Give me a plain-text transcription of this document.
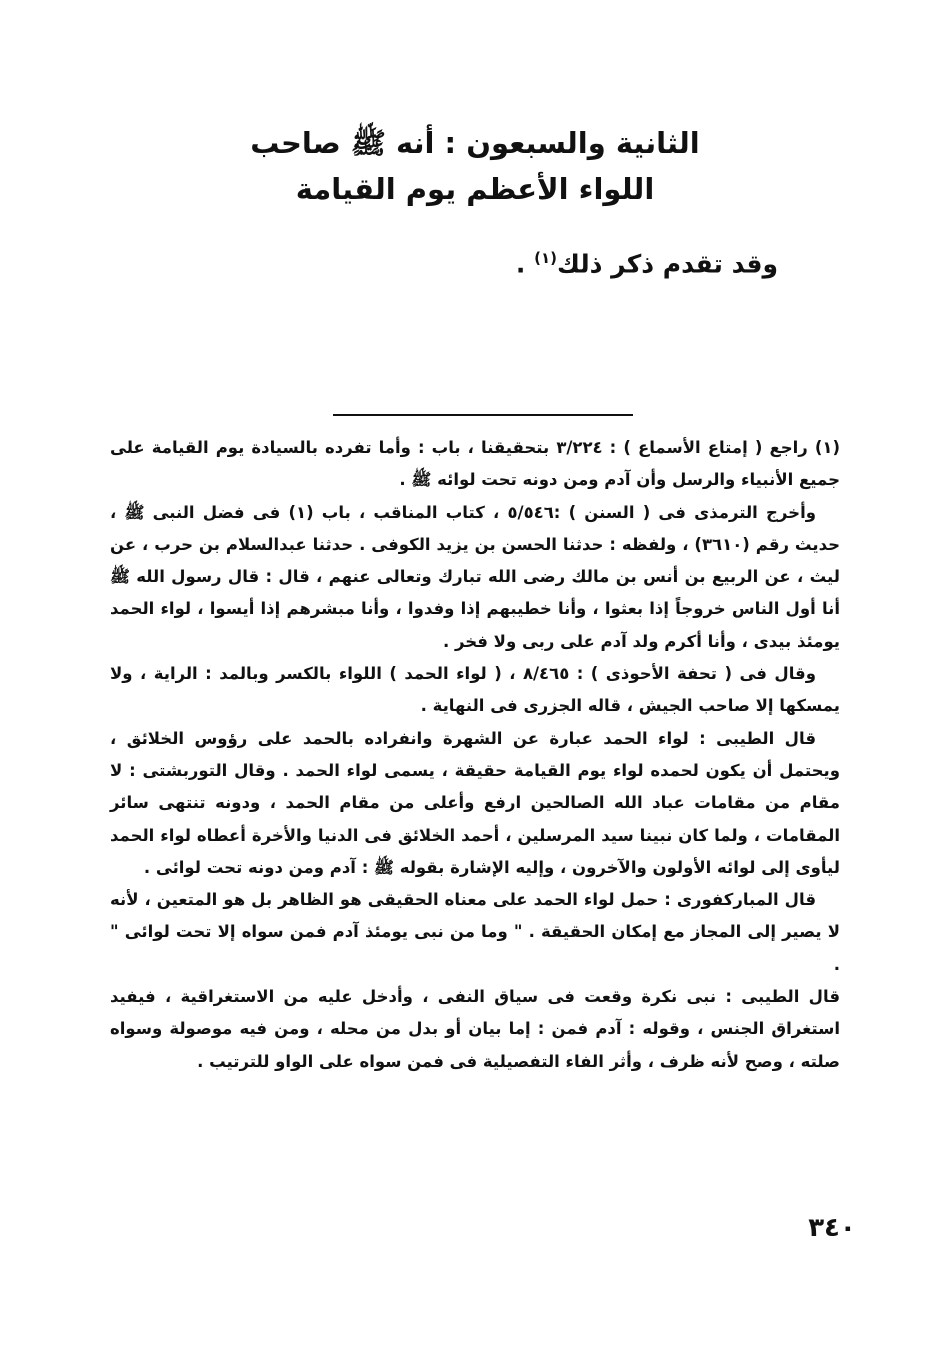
الثانية والسبعون : أنه ﷺ صاحب
اللواء الأعظم يوم القيامة
وقد تقدم ذكر ذلك$^{(١)}$ .

(١) راجع ( إمتاع الأسماع ) : ٣/٢٢٤ بتحقيقنا ، باب : وأما تفرده بالسيادة يوم القيامة على جميع الأنبياء والرسل وأن آدم ومن دونه تحت لوائه ﷺ .

وأخرج الترمذى فى ( السنن ) :٥/٥٤٦ ، كتاب المناقب ، باب (١) فى فضل النبى ﷺ ، حديث رقم (٣٦١٠) ، ولفظه : حدثنا الحسن بن يزيد الكوفى . حدثنا عبدالسلام بن حرب ، عن ليث ، عن الربيع بن أنس بن مالك رضى الله تبارك وتعالى عنهم ، قال : قال رسول الله ﷺ أنا أول الناس خروجاً إذا بعثوا ، وأنا خطيبهم إذا وفدوا ، وأنا مبشرهم إذا أيسوا ، لواء الحمد يومئذ بيدى ، وأنا أكرم ولد آدم على ربى ولا فخر .

وقال فى ( تحفة الأحوذى ) : ٨/٤٦٥ ، ( لواء الحمد ) اللواء بالكسر وبالمد : الراية ، ولا يمسكها إلا صاحب الجيش ، قاله الجزرى فى النهاية .

قال الطيبى : لواء الحمد عبارة عن الشهرة وانفراده بالحمد على رؤوس الخلائق ، ويحتمل أن يكون لحمده لواء يوم القيامة حقيقة ، يسمى لواء الحمد . وقال التوربشتى : لا مقام من مقامات عباد الله الصالحين ارفع وأعلى من مقام الحمد ، ودونه تنتهى سائر المقامات ، ولما كان نبينا سيد المرسلين ، أحمد الخلائق فى الدنيا والأخرة أعطاه لواء الحمد ليأوى إلى لوائه الأولون والآخرون ، وإليه الإشارة بقوله ﷺ : آدم ومن دونه تحت لوائى .

قال المباركفورى : حمل لواء الحمد على معناه الحقيقى هو الظاهر بل هو المتعين ، لأنه لا يصير إلى المجاز مع إمكان الحقيقة . " وما من نبى يومئذ آدم فمن سواه إلا تحت لوائى " .

قال الطيبى : نبى نكرة وقعت فى سياق النفى ، وأدخل عليه من الاستغراقية ، فيفيد استغراق الجنس ، وقوله : آدم فمن : إما بيان أو بدل من محله ، ومن فيه موصولة وسواه صلته ، وصح لأنه ظرف ، وأثر الفاء التفصيلية فى فمن سواه على الواو للترتيب .

٣٤٠
